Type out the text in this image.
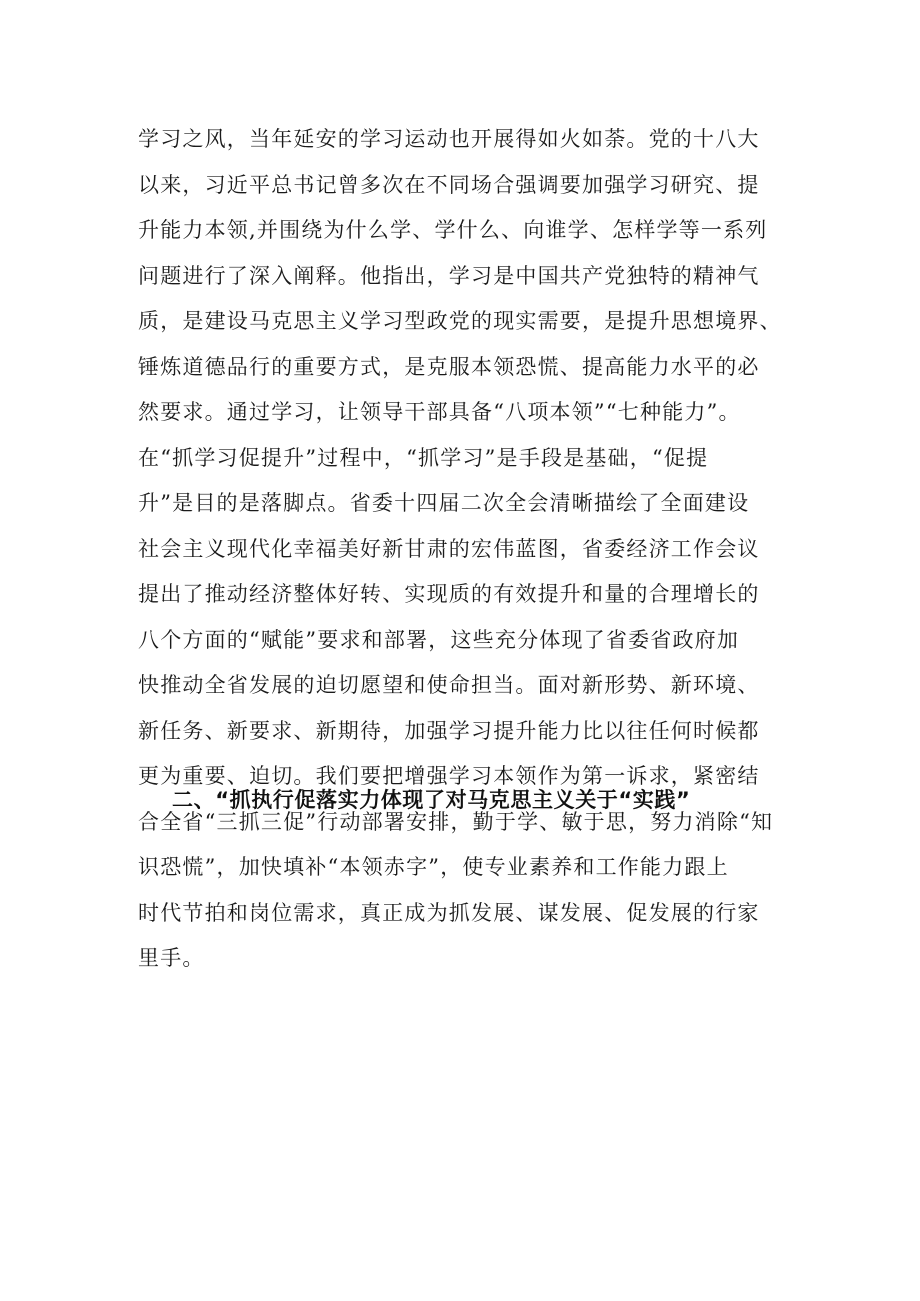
学习之风，当年延安的学习运动也开展得如火如荼。党的十八大
以来，习近平总书记曾多次在不同场合强调要加强学习研究、提
升能力本领,并围绕为什么学、学什么、向谁学、怎样学等一系列
问题进行了深入阐释。他指出，学习是中国共产党独特的精神气
质，是建设马克思主义学习型政党的现实需要，是提升思想境界、
锤炼道德品行的重要方式，是克服本领恐慌、提高能力水平的必
然要求。通过学习，让领导干部具备“八项本领”“七种能力”。
在“抓学习促提升”过程中，“抓学习”是手段是基础，“促提
升”是目的是落脚点。省委十四届二次全会清晰描绘了全面建设
社会主义现代化幸福美好新甘肃的宏伟蓝图，省委经济工作会议
提出了推动经济整体好转、实现质的有效提升和量的合理增长的
八个方面的“赋能”要求和部署，这些充分体现了省委省政府加
快推动全省发展的迫切愿望和使命担当。面对新形势、新环境、
新任务、新要求、新期待，加强学习提升能力比以往任何时候都
更为重要、迫切。我们要把增强学习本领作为第一诉求，紧密结
合全省“三抓三促”行动部署安排，勤于学、敏于思，努力消除“知
识恐慌”，加快填补“本领赤字”，使专业素养和工作能力跟上
时代节拍和岗位需求，真正成为抓发展、谋发展、促发展的行家
里手。
二、“抓执行促落实力体现了对马克思主义关于“实践”
